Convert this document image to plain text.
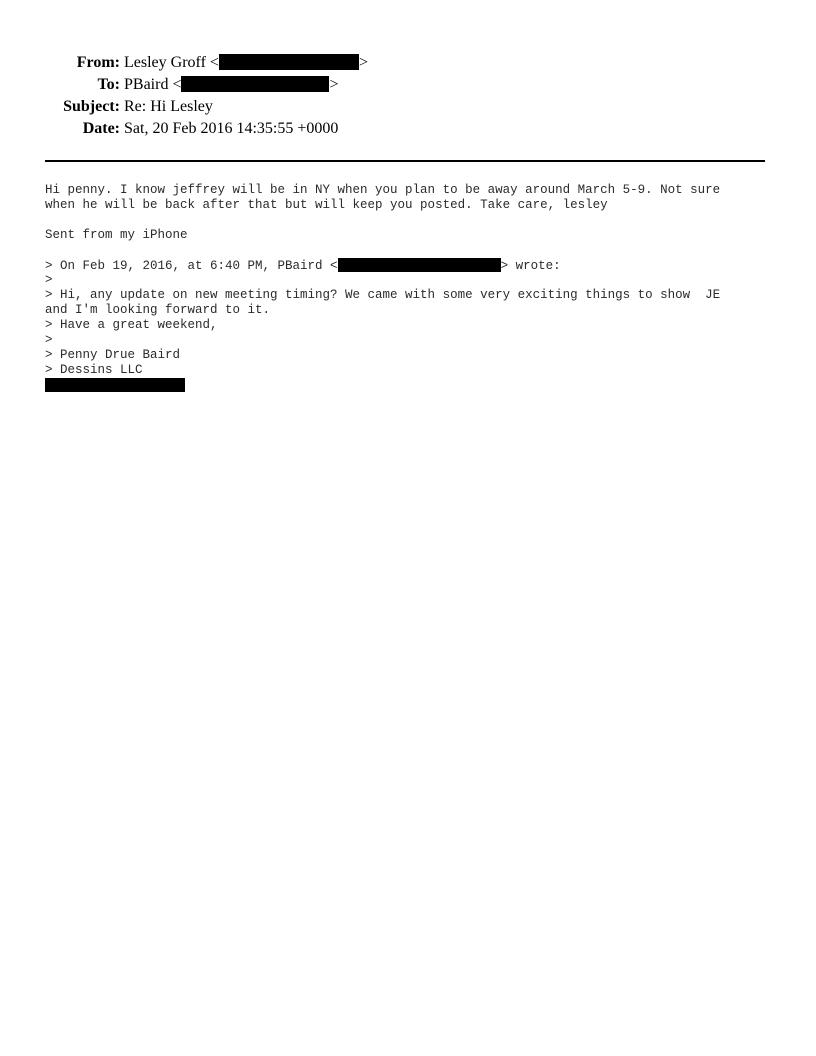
From: Lesley Groff <	>
To: PBaird <	>
Subject: Re: Hi Lesley
Date: Sat, 20 Feb 2016 14:35:55 +0000
Hi penny. I know jeffrey will be in NY when you plan to be away around March 5-9. Not sure
when he will be back after that but will keep you posted. Take care, lesley
Sent from my iPhone
> On Feb 19, 2016, at 6:40 PM, PBaird <	> wrote:
>
> Hi, any update on new meeting timing? We came with some very exciting things to show  JE
and I'm looking forward to it.
> Have a great weekend,
>
> Penny Drue Baird
> Dessins LLC
